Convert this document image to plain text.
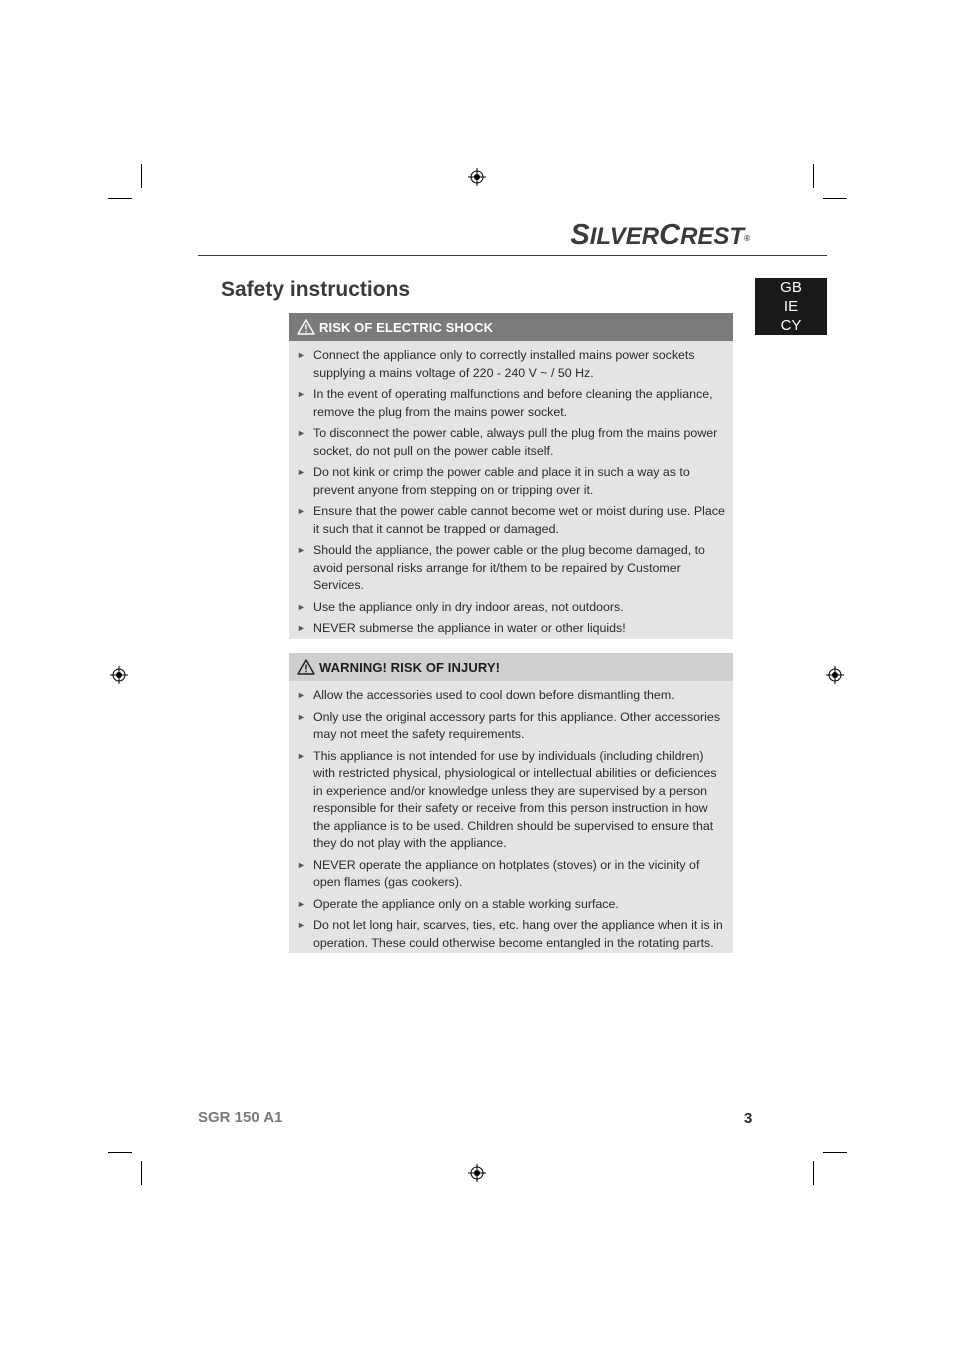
SILVERCREST®
Safety instructions	GB
IE
CY
RISK OF ELECTRIC SHOCK
► Connect the appliance only to correctly installed mains power sockets supplying a mains voltage of 220 - 240 V ~ / 50 Hz.
► In the event of operating malfunctions and before cleaning the appliance, remove the plug from the mains power socket.
► To disconnect the power cable, always pull the plug from the mains power socket, do not pull on the power cable itself.
► Do not kink or crimp the power cable and place it in such a way as to prevent anyone from stepping on or tripping over it.
► Ensure that the power cable cannot become wet or moist during use. Place it such that it cannot be trapped or damaged.
► Should the appliance, the power cable or the plug become damaged, to avoid personal risks arrange for it/them to be repaired by Customer Services.
► Use the appliance only in dry indoor areas, not outdoors.
► NEVER submerse the appliance in water or other liquids!
WARNING! RISK OF INJURY!
► Allow the accessories used to cool down before dismantling them.
► Only use the original accessory parts for this appliance. Other accessories may not meet the safety requirements.
► This appliance is not intended for use by individuals (including children) with restricted physical, physiological or intellectual abilities or deficiences in experience and/or knowledge unless they are supervised by a person responsible for their safety or receive from this person instruction in how the appliance is to be used. Children should be supervised to ensure that they do not play with the appliance.
► NEVER operate the appliance on hotplates (stoves) or in the vicinity of open flames (gas cookers).
► Operate the appliance only on a stable working surface.
► Do not let long hair, scarves, ties, etc. hang over the appliance when it is in operation. These could otherwise become entangled in the rotating parts.
SGR 150 A1	3
